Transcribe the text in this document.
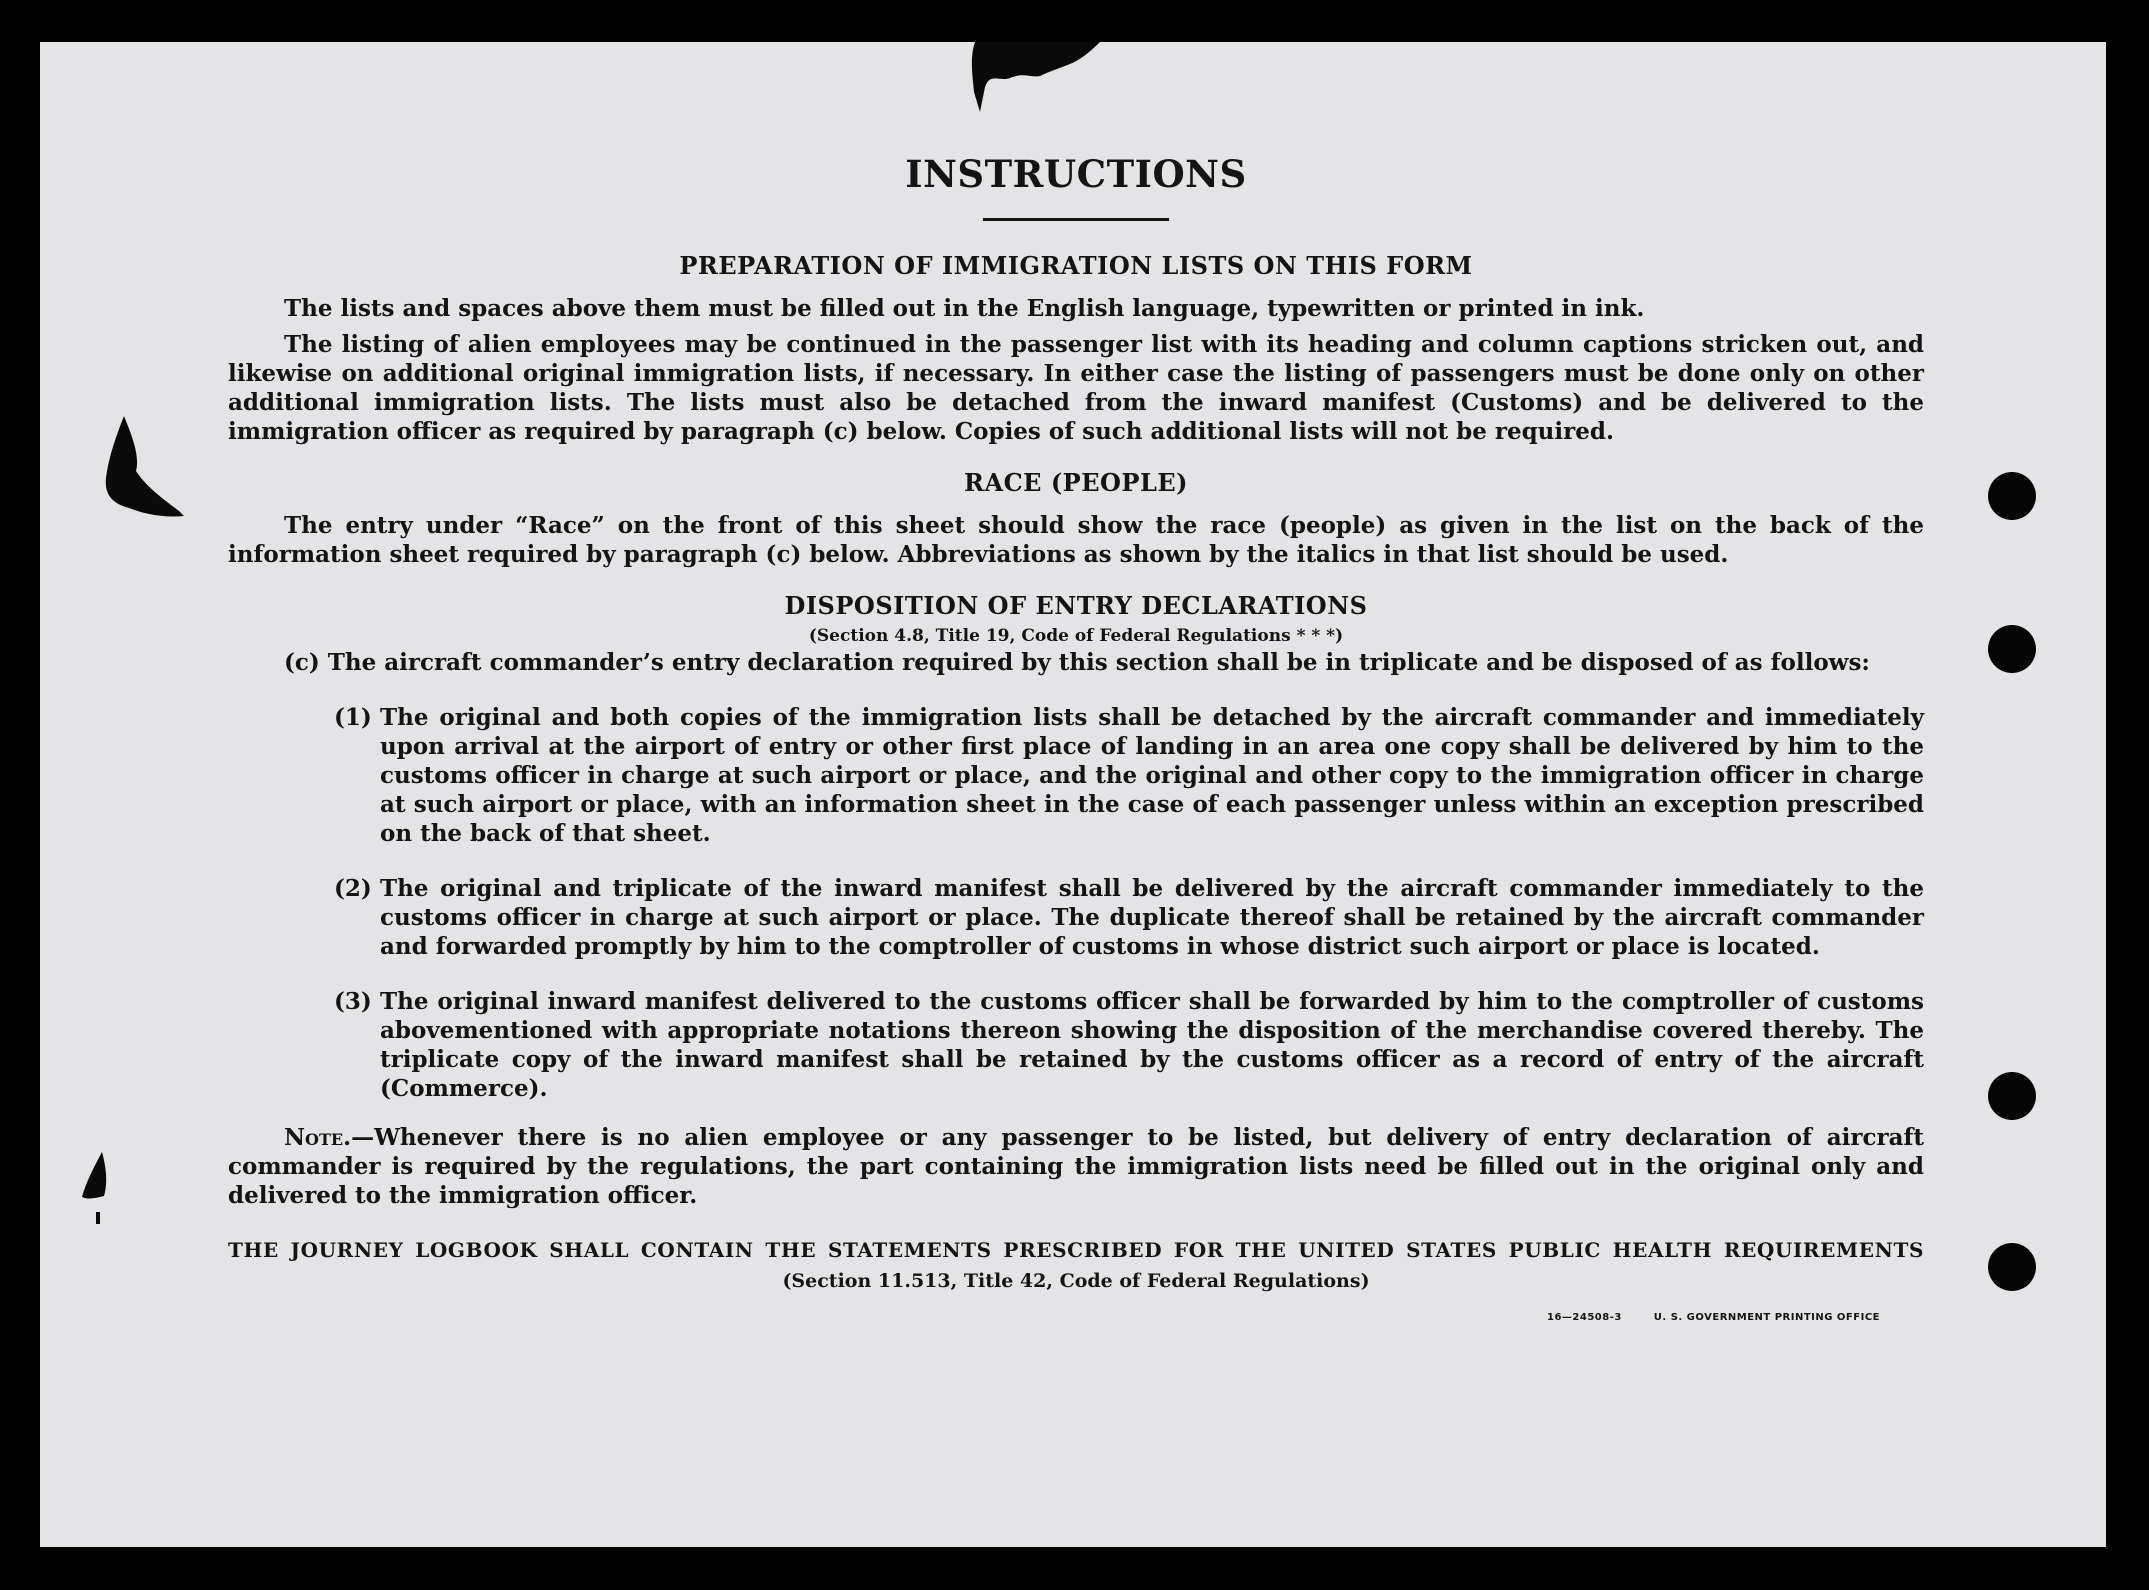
INSTRUCTIONS
PREPARATION OF IMMIGRATION LISTS ON THIS FORM

The lists and spaces above them must be filled out in the English language, typewritten or printed in ink.

The listing of alien employees may be continued in the passenger list with its heading and column captions stricken out, and likewise on additional original immigration lists, if necessary. In either case the listing of passengers must be done only on other additional immigration lists. The lists must also be detached from the inward manifest (Customs) and be delivered to the immigration officer as required by paragraph (c) below. Copies of such additional lists will not be required.

RACE (PEOPLE)

The entry under “Race” on the front of this sheet should show the race (people) as given in the list on the back of the information sheet required by paragraph (c) below. Abbreviations as shown by the italics in that list should be used.

DISPOSITION OF ENTRY DECLARATIONS
(Section 4.8, Title 19, Code of Federal Regulations * * *)
(c) The aircraft commander’s entry declaration required by this section shall be in triplicate and be disposed of as follows:
(1) The original and both copies of the immigration lists shall be detached by the aircraft commander and immediately upon arrival at the airport of entry or other first place of landing in an area one copy shall be delivered by him to the customs officer in charge at such airport or place, and the original and other copy to the immigration officer in charge at such airport or place, with an information sheet in the case of each passenger unless within an exception prescribed on the back of that sheet.
(2) The original and triplicate of the inward manifest shall be delivered by the aircraft commander immediately to the customs officer in charge at such airport or place. The duplicate thereof shall be retained by the aircraft commander and forwarded promptly by him to the comptroller of customs in whose district such airport or place is located.
(3) The original inward manifest delivered to the customs officer shall be forwarded by him to the comptroller of customs abovementioned with appropriate notations thereon showing the disposition of the merchandise covered thereby. The triplicate copy of the inward manifest shall be retained by the customs officer as a record of entry of the aircraft (Commerce).

Note.—Whenever there is no alien employee or any passenger to be listed, but delivery of entry declaration of aircraft commander is required by the regulations, the part containing the immigration lists need be filled out in the original only and delivered to the immigration officer.

THE JOURNEY LOGBOOK SHALL CONTAIN THE STATEMENTS PRESCRIBED FOR THE UNITED STATES PUBLIC HEALTH REQUIREMENTS
(Section 11.513, Title 42, Code of Federal Regulations)
16—24508-3	U. S. GOVERNMENT PRINTING OFFICE
